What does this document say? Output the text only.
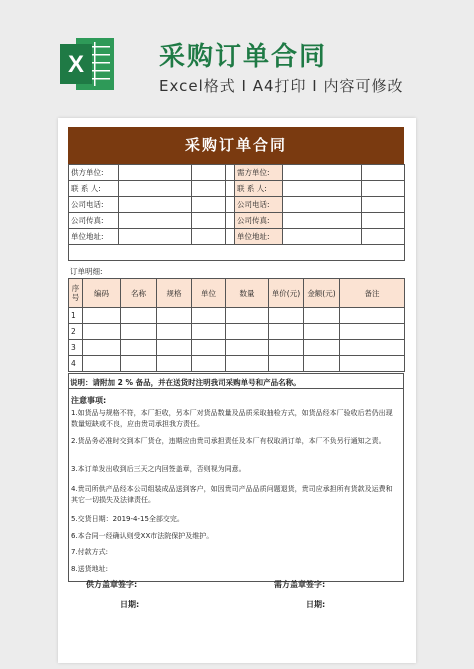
X	采购订单合同
Excel格式 I A4打印 I 内容可修改
采购订单合同
供方单位:				需方单位:		
联 系 人:				联 系 人:		
公司电话:				公司电话:		
公司传真:				公司传真:		
单位地址:				单位地址:		

订单明细:
序号	编码	名称	规格	单位	数量	单价(元)	金额(元)	备注
1								
2								
3								
4								
说明：请附加 2 % 备品，并在送货时注明我司采购单号和产品名称。
注意事项:
1.如货品与规格不符，本厂拒收，另本厂对货品数量及品质采取抽检方式，如货品经本厂验收后若仍出现数量短缺或不良，应由贵司承担我方责任。
2.货品务必准时交到本厂货仓，违期应由贵司承担责任及本厂有权取消订单，本厂不负另行通知之责。
3.本订单发出收到后三天之内回签盖章，否则视为同意。
4.贵司所供产品经本公司组装成品送到客户，如因贵司产品品质问题退货，贵司应承担所有货款及运费和其它一切损失及法律责任。
5.交货日期：2019-4-15全部交完。
6.本合同一经确认则受XX市法院保护及维护。
7.付款方式:
8.送货地址:
供方盖章签字:	需方盖章签字:
日期:	日期:
